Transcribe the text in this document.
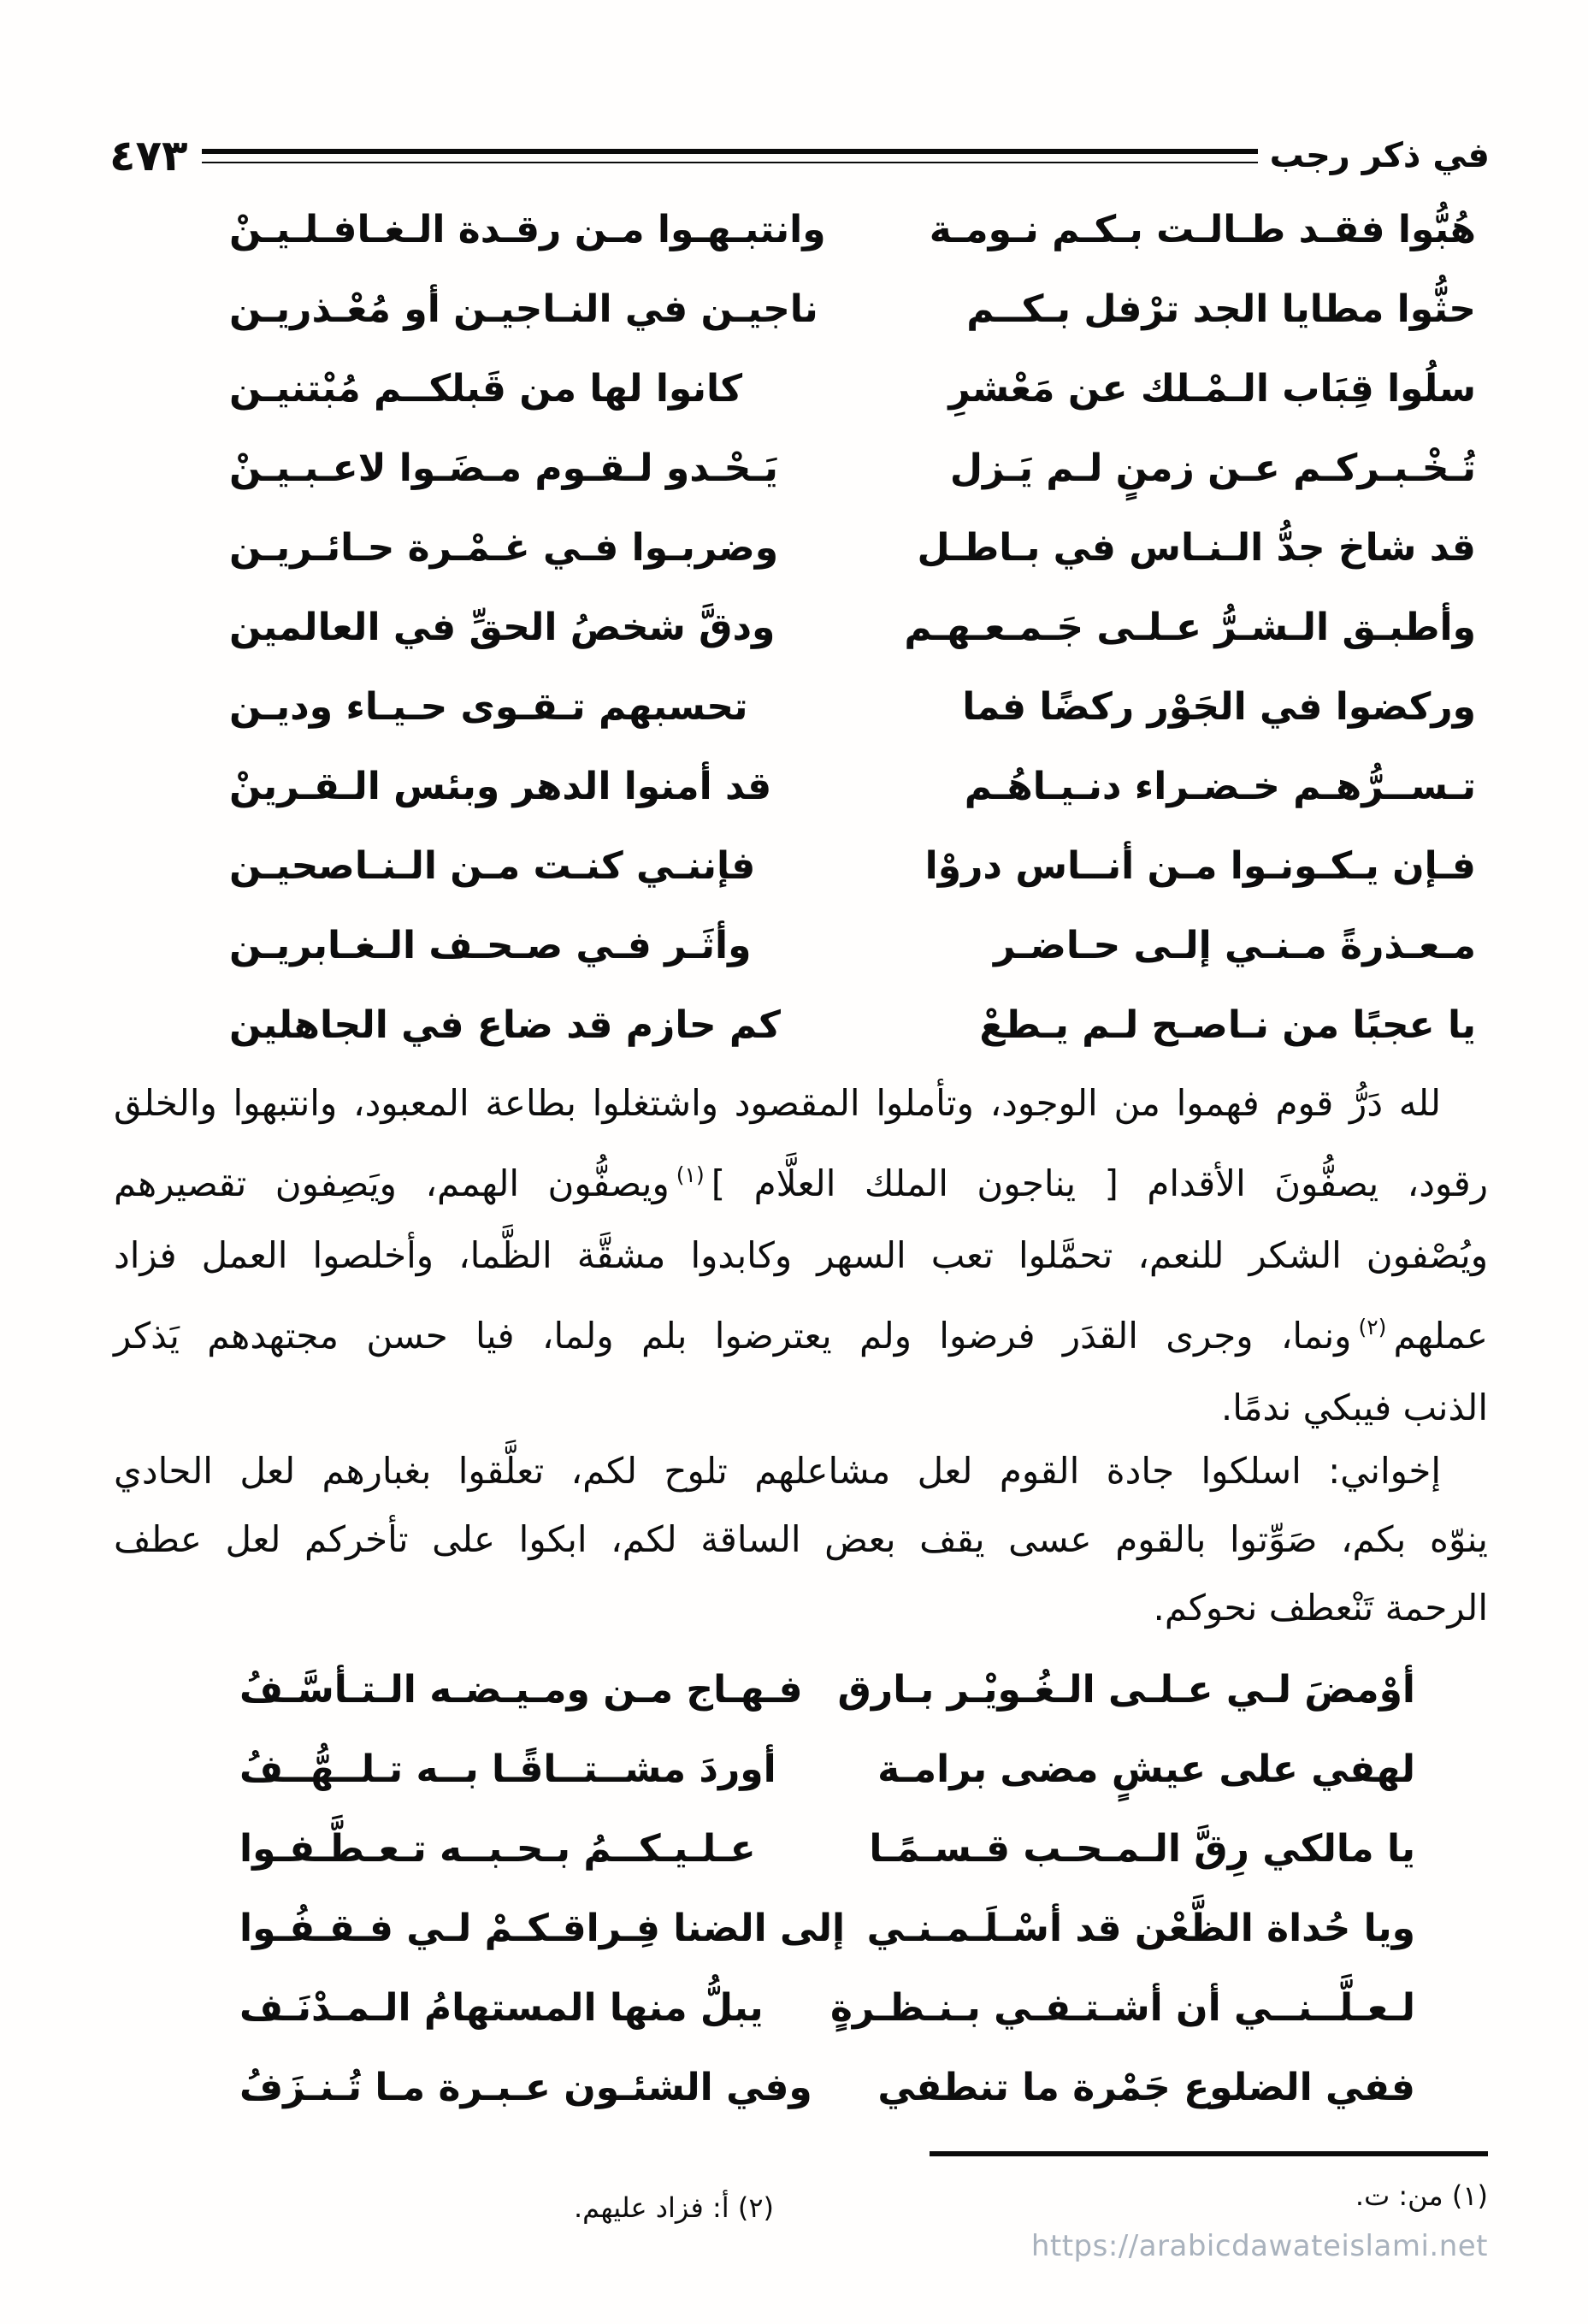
في ذكر رجب
٤٧٣
هُبُّوا فقـد طـالـت بـكـم نـومـة
وانتبـهـوا مـن رقـدة الـغـافـلـيـنْ
حثُّوا مطايا الجد ترْفل بـكــم
ناجيـن في النـاجيـن أو مُعْـذريـن
سلُوا قِبَاب الـمْـلك عن مَعْشرِ
كانوا لها من قَبلكــم مُبْتنيـن
تُـخْـبـركـم عـن زمنٍ لـم يَـزل
يَـحْـدو لـقـوم مـضَـوا لاعـبـيـنْ
قد شاخ جدُّ الـنـاس في بـاطـل
وضربـوا فـي غـمْـرة حـائـريـن
وأطبـق الـشـرُّ عـلـى جَـمـعـهـم
ودقَّ شخصُ الحقِّ في العالمين
وركضوا في الجَوْر ركضًا فما
تحسبهم تـقـوى حـيـاء وديـن
تـســرُّهـم خـضـراء دنـيـاهُـم
قد أمنوا الدهر وبئس الـقـرينْ
فـإن يـكـونـوا مـن أنــاس دروْا
فإننـي كنـت مـن الـنـاصحيـن
مـعـذرةً مـنـي إلـى حـاضـر
وأثَـر فـي صـحـف الـغـابريـن
يا عجبًا من نـاصـح لـم يـطعْ
كم حازم قد ضاع في الجاهلين

لله دَرُّ قوم فهموا من الوجود، وتأملوا المقصود واشتغلوا بطاعة المعبود، وانتبهوا والخلق

رقود، يصفُّونَ الأقدام [ يناجون الملك العلَّام ]$^{(١)}$ويصفُّون الهمم، ويَصِفون تقصيرهم

ويُصْفون الشكر للنعم، تحمَّلوا تعب السهر وكابدوا مشقَّة الظَّما، وأخلصوا العمل فزاد

عملهم$^{(٢)}$ونما، وجرى القدَر فرضوا ولم يعترضوا بلم ولما، فيا حسن مجتهدهم يَذكر

الذنب فيبكي ندمًا.

إخواني: اسلكوا جادة القوم لعل مشاعلهم تلوح لكم، تعلَّقوا بغبارهم لعل الحادي

ينوّه بكم، صَوِّتوا بالقوم عسى يقف بعض الساقة لكم، ابكوا على تأخركم لعل عطف

الرحمة تَنْعطف نحوكم.

أوْمضَ لـي عـلـى الـغُـويْـر بـارق
فـهـاج مـن ومـيـضـه الـتـأسَّـفُ
لهفي على عيشٍ مضى برامـة
أوردَ مشــتــاقًـا بــه تـلــهُّــفُ
يا مالكي رِقَّ الـمـحـب قـسـمًـا
عـلـيـكــمُ بـحـبــه تـعـطَّـفـوا
ويا حُداة الظَّعْن قد أسْـلَـمـنـي
إلى الضنا فِـراقـكـمْ لـي فـقـفُـوا
لـعـلَّــنــي أن أشـتـفـي بـنـظـرةٍ
يبلُّ منها المستهامُ الـمـدْنَـف
ففي الضلوع جَمْرة ما تنطفي
وفي الشئـون عـبـرة مـا تُـنـزَفُ
(١) من: ت.
(٢) أ: فزاد عليهم.
https://arabicdawateislami.net
